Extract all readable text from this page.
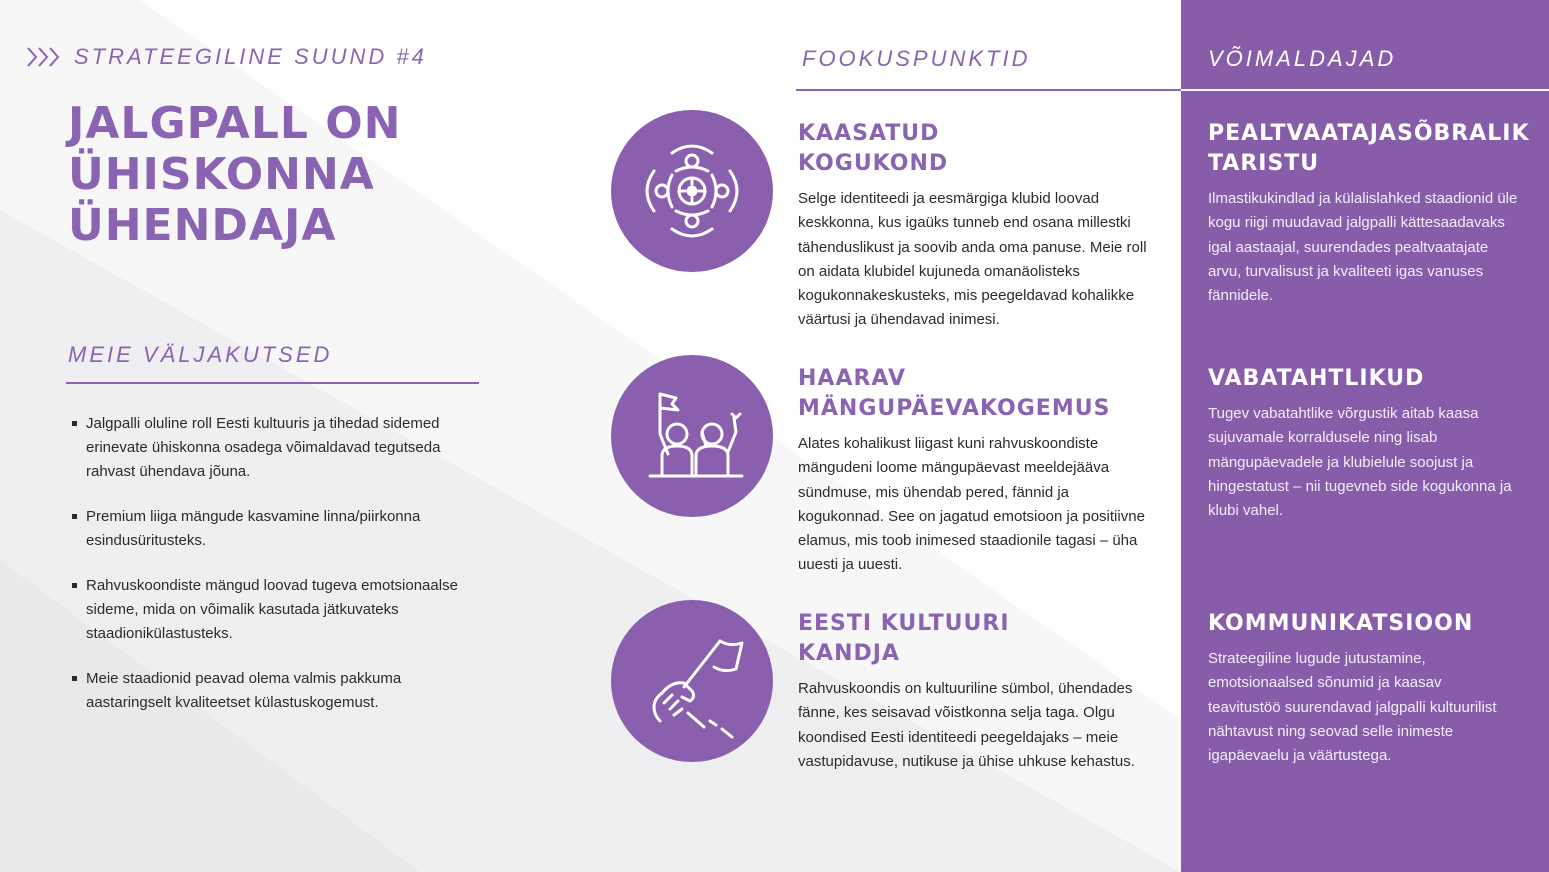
STRATEEGILINE SUUND #4
JALGPALL ON
ÜHISKONNA
ÜHENDAJA
MEIE VÄLJAKUTSED
Jalgpalli oluline roll Eesti kultuuris ja tihedad sidemed erinevate ühiskonna osadega võimaldavad tegutseda rahvast ühendava jõuna.
Premium liiga mängude kasvamine linna/piirkonna esindusüritusteks.
Rahvuskoondiste mängud loovad tugeva emotsionaalse sideme, mida on võimalik kasutada jätkuvateks staadionikülastusteks.
Meie staadionid peavad olema valmis pakkuma aastaringselt kvaliteetset külastuskogemust.
FOOKUSPUNKTID
KAASATUD
KOGUKOND

Selge identiteedi ja eesmärgiga klubid loovad keskkonna, kus igaüks tunneb end osana millestki tähenduslikust ja soovib anda oma panuse. Meie roll on aidata klubidel kujuneda omanäolisteks kogukonnakeskusteks, mis peegeldavad kohalikke väärtusi ja ühendavad inimesi.

HAARAV
MÄNGUPÄEVAKOGEMUS

Alates kohalikust liigast kuni rahvuskoondiste mängudeni loome mängupäevast meeldejääva sündmuse, mis ühendab pered, fännid ja kogukonnad. See on jagatud emotsioon ja positiivne elamus, mis toob inimesed staadionile tagasi – üha uuesti ja uuesti.

EESTI KULTUURI
KANDJA

Rahvuskoondis on kultuuriline sümbol, ühendades fänne, kes seisavad võistkonna selja taga. Olgu koondised Eesti identiteedi peegeldajaks – meie vastupidavuse, nutikuse ja ühise uhkuse kehastus.

VÕIMALDAJAD
PEALTVAATAJASÕBRALIK
TARISTU

Ilmastikukindlad ja külalislahked staadionid üle kogu riigi muudavad jalgpalli kättesaadavaks igal aastaajal, suurendades pealtvaatajate arvu, turvalisust ja kvaliteeti igas vanuses fännidele.

VABATAHTLIKUD

Tugev vabatahtlike võrgustik aitab kaasa sujuvamale korraldusele ning lisab mängupäevadele ja klubielule soojust ja hingestatust – nii tugevneb side kogukonna ja klubi vahel.

KOMMUNIKATSIOON

Strateegiline lugude jutustamine, emotsionaalsed sõnumid ja kaasav teavitustöö suurendavad jalgpalli kultuurilist nähtavust ning seovad selle inimeste igapäevaelu ja väärtustega.
